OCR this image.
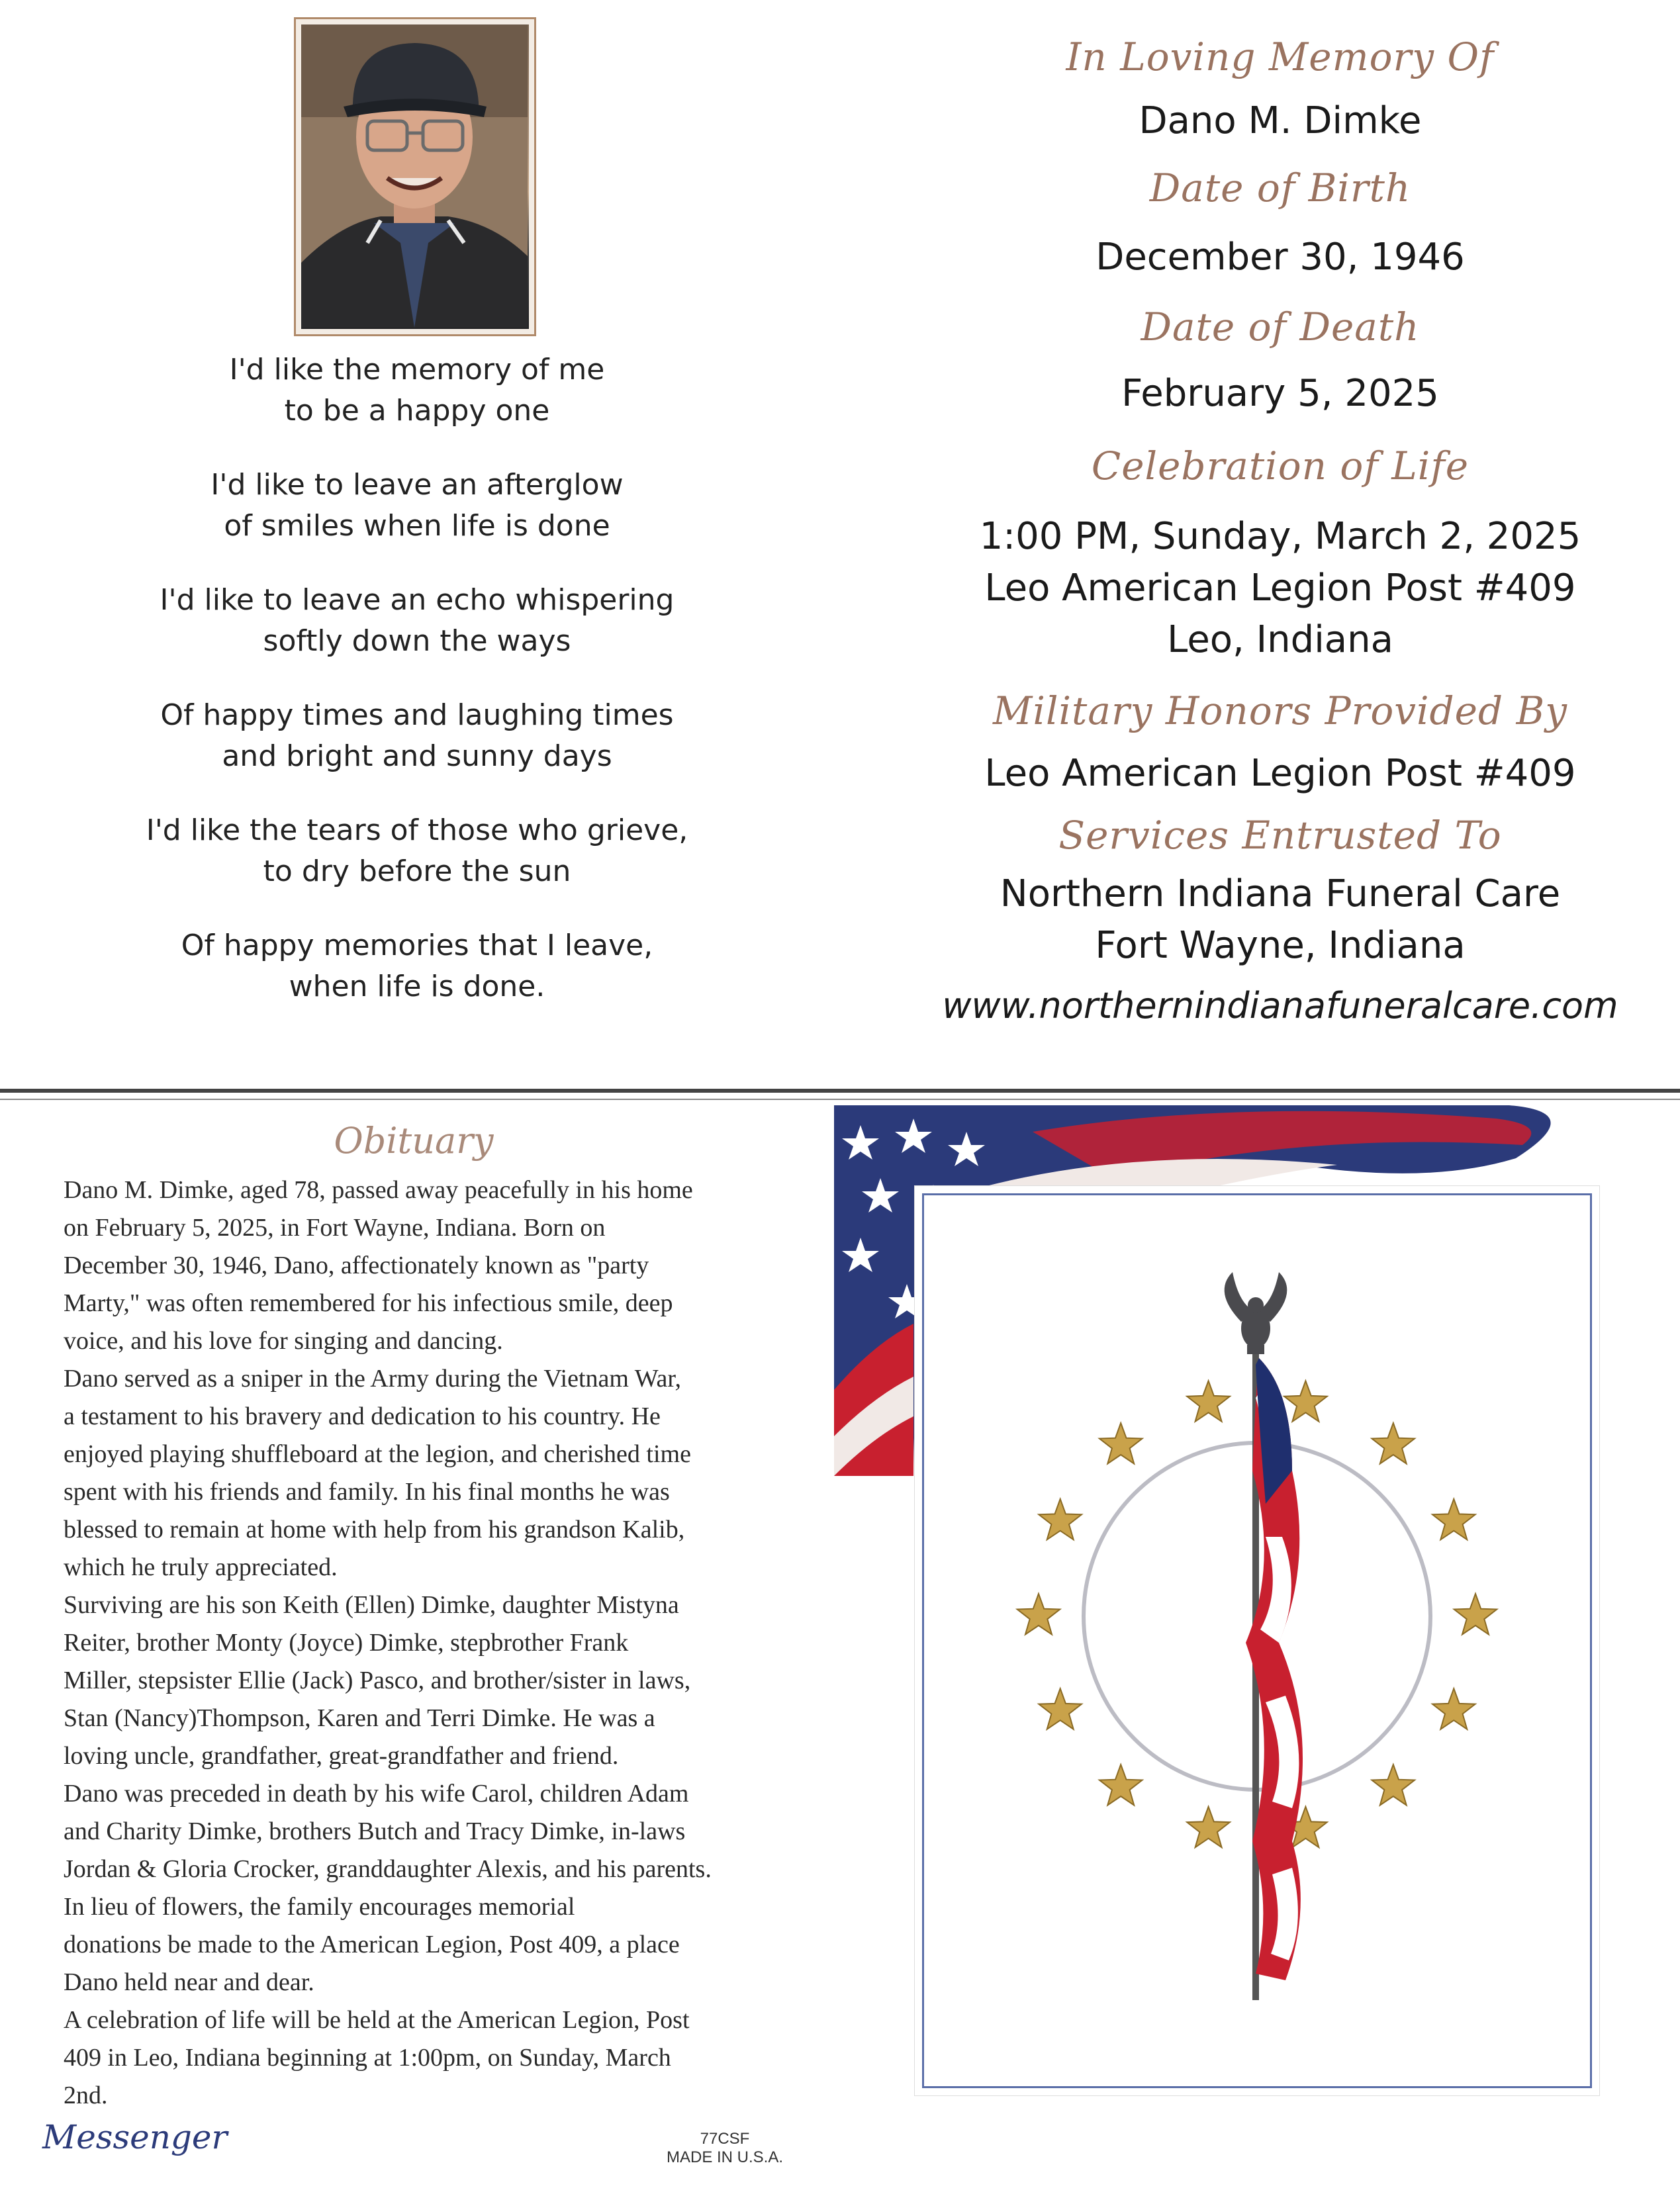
I'd like the memory of me

to be a happy one

I'd like to leave an afterglow

of smiles when life is done

I'd like to leave an echo whispering

softly down the ways

Of happy times and laughing times

and bright and sunny days

I'd like the tears of those who grieve,

to dry before the sun

Of happy memories that I leave,

when life is done.

In Loving Memory Of
Dano M. Dimke
Date of Birth
December 30, 1946
Date of Death
February 5, 2025
Celebration of Life
1:00 PM, Sunday, March 2, 2025
Leo American Legion Post #409
Leo, Indiana
Military Honors Provided By
Leo American Legion Post #409
Services Entrusted To
Northern Indiana Funeral Care
Fort Wayne, Indiana
www.northernindianafuneralcare.com
Obituary

Dano M. Dimke, aged 78, passed away peacefully in his home

on February 5, 2025, in Fort Wayne, Indiana. Born on

December 30, 1946, Dano, affectionately known as "party

Marty," was often remembered for his infectious smile, deep

voice, and his love for singing and dancing.

Dano served as a sniper in the Army during the Vietnam War,

a testament to his bravery and dedication to his country. He

enjoyed playing shuffleboard at the legion, and cherished time

spent with his friends and family. In his final months he was

blessed to remain at home with help from his grandson Kalib,

which he truly appreciated.

Surviving are his son Keith (Ellen) Dimke, daughter Mistyna

Reiter, brother Monty (Joyce) Dimke, stepbrother Frank

Miller, stepsister Ellie (Jack) Pasco, and brother/sister in laws,

Stan (Nancy)Thompson, Karen and Terri Dimke. He was a

loving uncle, grandfather, great-grandfather and friend.

Dano was preceded in death by his wife Carol, children Adam

and Charity Dimke, brothers Butch and Tracy Dimke, in-laws

Jordan & Gloria Crocker, granddaughter Alexis, and his parents.

In lieu of flowers, the family encourages memorial

donations be made to the American Legion, Post 409, a place

Dano held near and dear.

A celebration of life will be held at the American Legion, Post

409 in Leo, Indiana beginning at 1:00pm, on Sunday, March

2nd.

Messenger	77CSF
MADE IN U.S.A.
